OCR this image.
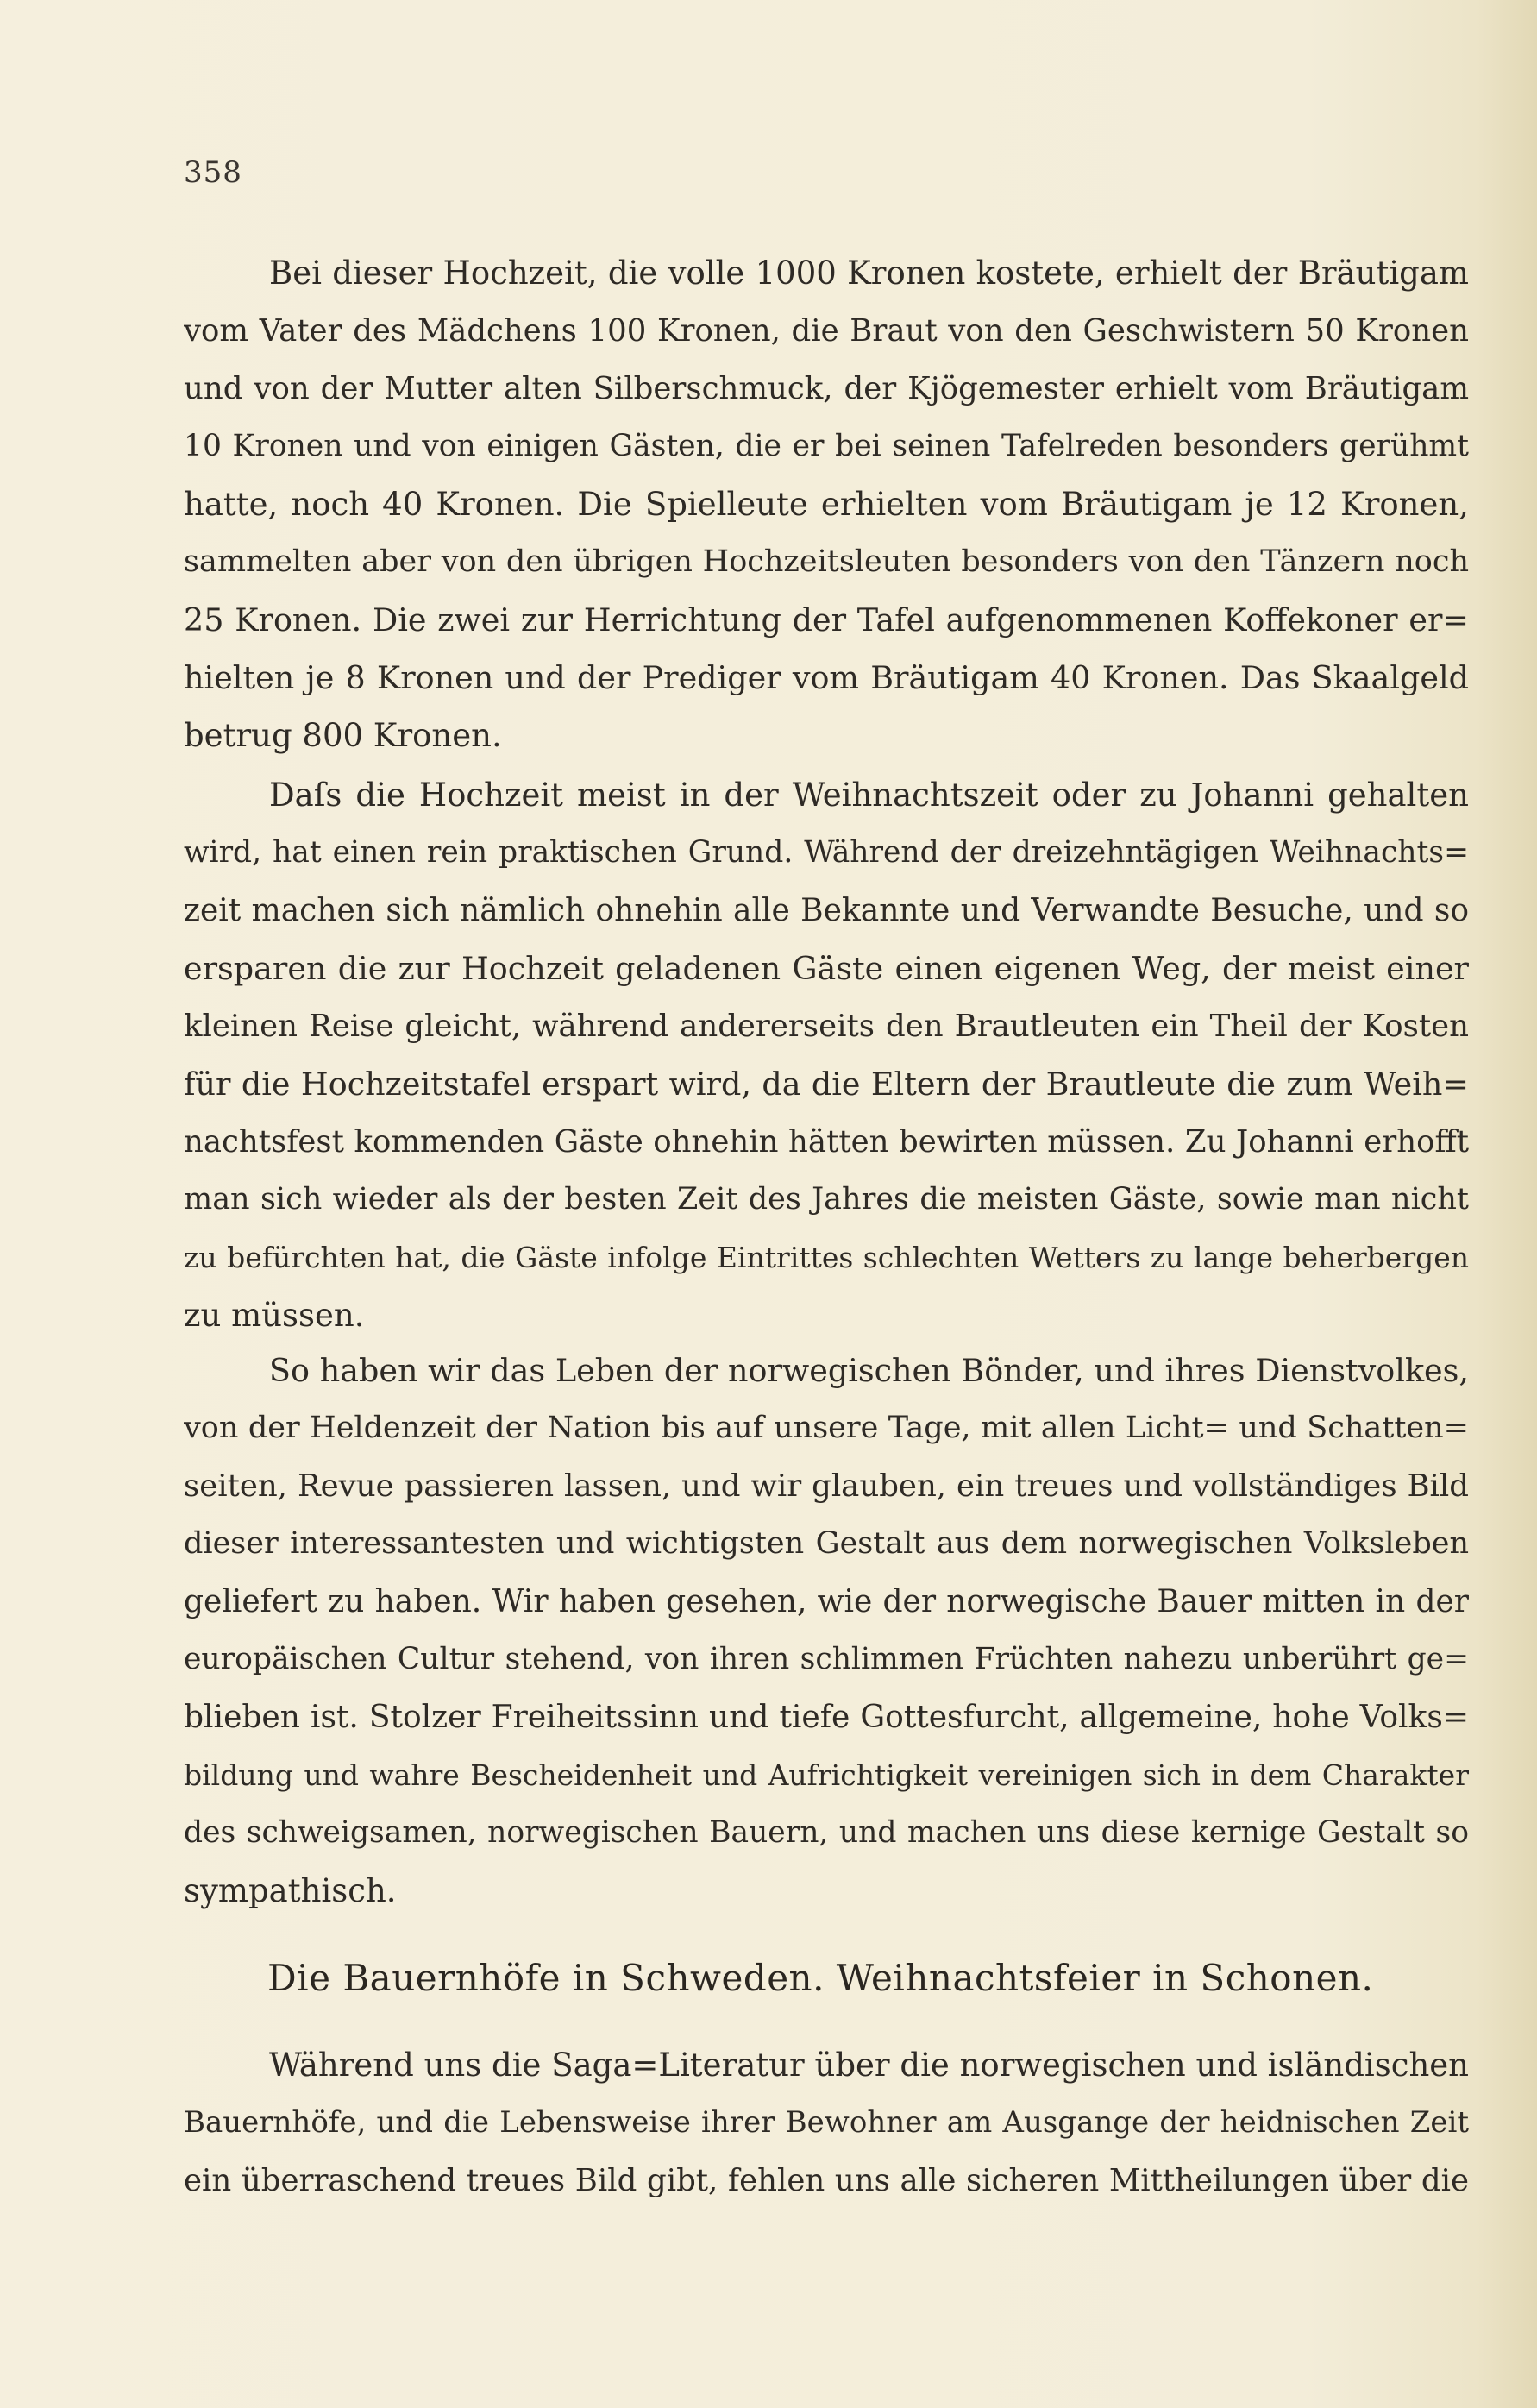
358
Bei dieser Hochzeit, die volle 1000 Kronen kostete, erhielt der Bräutigam
vom Vater des Mädchens 100 Kronen, die Braut von den Geschwistern 50 Kronen
und von der Mutter alten Silberschmuck, der Kjögemester erhielt vom Bräutigam
10 Kronen und von einigen Gästen, die er bei seinen Tafelreden besonders gerühmt
hatte, noch 40 Kronen. Die Spielleute erhielten vom Bräutigam je 12 Kronen,
sammelten aber von den übrigen Hochzeitsleuten besonders von den Tänzern noch
25 Kronen. Die zwei zur Herrichtung der Tafel aufgenommenen Koffekoner er=
hielten je 8 Kronen und der Prediger vom Bräutigam 40 Kronen. Das Skaalgeld
betrug 800 Kronen.
Daſs die Hochzeit meist in der Weihnachtszeit oder zu Johanni gehalten
wird, hat einen rein praktischen Grund. Während der dreizehntägigen Weihnachts=
zeit machen sich nämlich ohnehin alle Bekannte und Verwandte Besuche, und so
ersparen die zur Hochzeit geladenen Gäste einen eigenen Weg, der meist einer
kleinen Reise gleicht, während andererseits den Brautleuten ein Theil der Kosten
für die Hochzeitstafel erspart wird, da die Eltern der Brautleute die zum Weih=
nachtsfest kommenden Gäste ohnehin hätten bewirten müssen. Zu Johanni erhofft
man sich wieder als der besten Zeit des Jahres die meisten Gäste, sowie man nicht
zu befürchten hat, die Gäste infolge Eintrittes schlechten Wetters zu lange beherbergen
zu müssen.
So haben wir das Leben der norwegischen Bönder, und ihres Dienstvolkes,
von der Heldenzeit der Nation bis auf unsere Tage, mit allen Licht= und Schatten=
seiten, Revue passieren lassen, und wir glauben, ein treues und vollständiges Bild
dieser interessantesten und wichtigsten Gestalt aus dem norwegischen Volksleben
geliefert zu haben. Wir haben gesehen, wie der norwegische Bauer mitten in der
europäischen Cultur stehend, von ihren schlimmen Früchten nahezu unberührt ge=
blieben ist. Stolzer Freiheitssinn und tiefe Gottesfurcht, allgemeine, hohe Volks=
bildung und wahre Bescheidenheit und Aufrichtigkeit vereinigen sich in dem Charakter
des schweigsamen, norwegischen Bauern, und machen uns diese kernige Gestalt so
sympathisch.
Die Bauernhöfe in Schweden. Weihnachtsfeier in Schonen.
Während uns die Saga=Literatur über die norwegischen und isländischen
Bauernhöfe, und die Lebensweise ihrer Bewohner am Ausgange der heidnischen Zeit
ein überraschend treues Bild gibt, fehlen uns alle sicheren Mittheilungen über die
